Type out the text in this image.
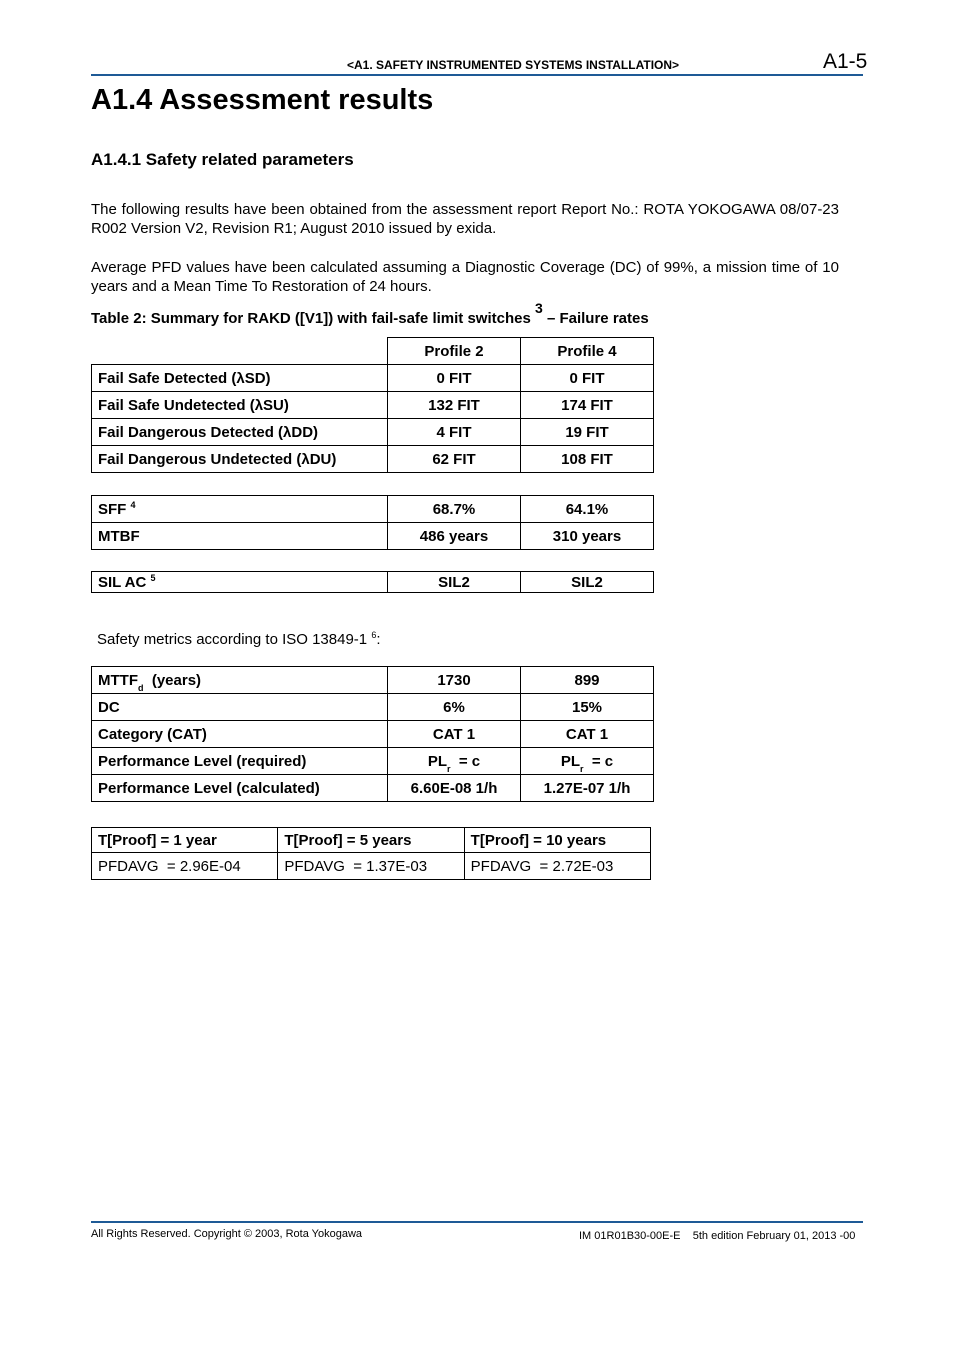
<A1. SAFETY INSTRUMENTED SYSTEMS INSTALLATION>	A1-5
A1.4 Assessment results
A1.4.1 Safety related parameters

The following results have been obtained from the assessment report Report No.: ROTA YOKOGAWA 08/07-23 R002 Version V2, Revision R1; August 2010 issued by exida.

Average PFD values have been calculated assuming a Diagnostic Coverage (DC) of 99%, a mission time of 10 years and a Mean Time To Restoration of 24 hours.

Table 2: Summary for RAKD ([V1]) with fail-safe limit switches $^3$ – Failure rates
	Profile 2	Profile 4
Fail Safe Detected (λSD)	0 FIT	0 FIT
Fail Safe Undetected (λSU)	132 FIT	174 FIT
Fail Dangerous Detected (λDD)	4 FIT	19 FIT
Fail Dangerous Undetected (λDU)	62 FIT	108 FIT
SFF $^4$	68.7%	64.1%
MTBF	486 years	310 years
SIL AC $^5$	SIL2	SIL2
Safety metrics according to ISO 13849-1 $^6$:
$MTTF_d$ (years)	1730	899
DC	6%	15%
Category (CAT)	CAT 1	CAT 1
Performance Level (required)	$PL_r = c$	$PL_r = c$
Performance Level (calculated)	6.60E-08 1/h	1.27E-07 1/h
T[Proof] = 1 year	T[Proof] = 5 years	T[Proof] = 10 years
PFDAVG  = 2.96E-04	PFDAVG  = 1.37E-03	PFDAVG  = 2.72E-03
All Rights Reserved. Copyright © 2003, Rota Yokogawa	IM 01R01B30-00E-E    5th edition February 01, 2013 -00
